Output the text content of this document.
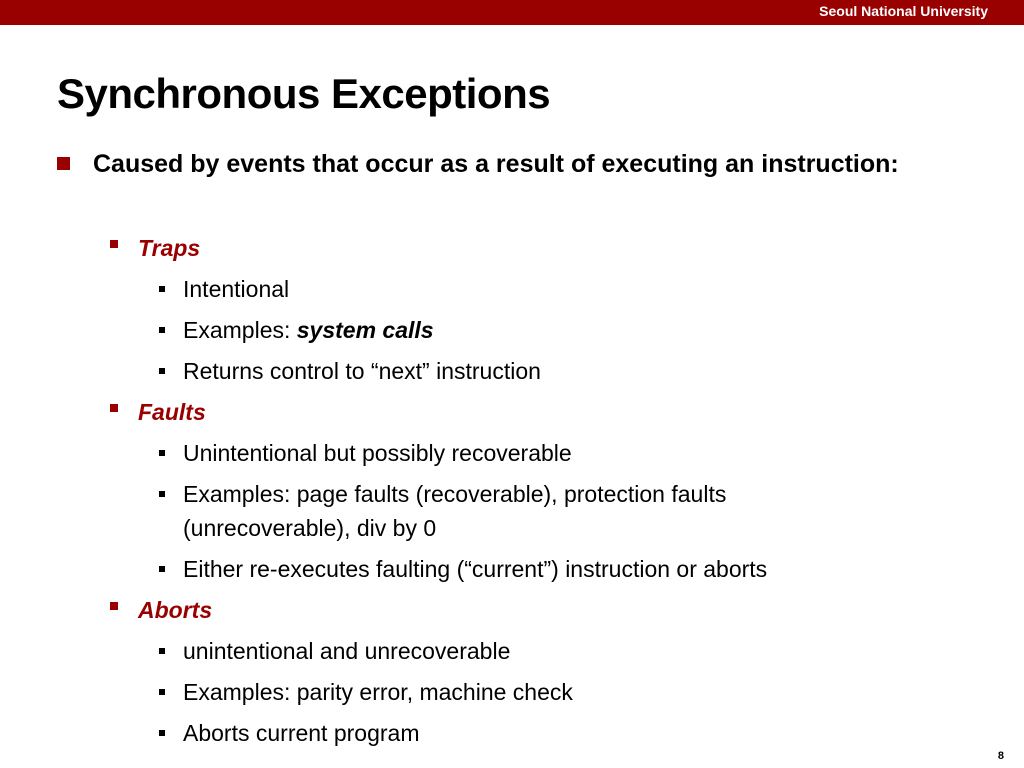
Seoul National University
Synchronous Exceptions
Caused by events that occur as a result of executing an instruction:
Traps
Intentional
Examples: system calls
Returns control to “next” instruction
Faults
Unintentional but possibly recoverable
Examples: page faults (recoverable), protection faults (unrecoverable), div by 0
Either re-executes faulting (“current”) instruction or aborts
Aborts
unintentional and unrecoverable
Examples: parity error, machine check
Aborts current program
8
